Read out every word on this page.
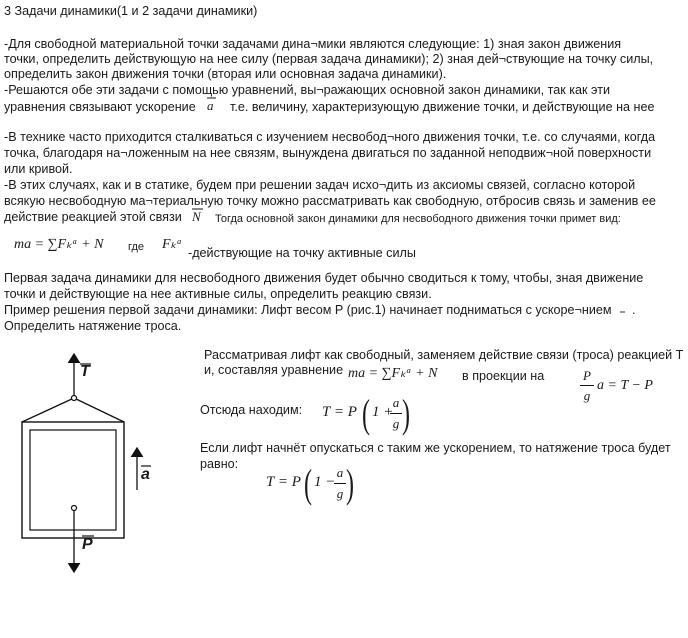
3 Задачи динамики(1 и 2 задачи динамики)
-Для свободной материальной точки задачами дина¬мики являются следующие: 1) зная закон движения
точки, определить действующую на нее силу (первая задача динамики); 2) зная дей¬ствующие на точку силы,
определить закон движения точки (вторая или основная задача динамики).
-Решаются обе эти задачи с помощью уравнений, вы¬ражающих основной закон динамики, так как эти
уравнения связывают ускорение a т.е. величину, характеризующую движение точки, и действующие на нее
-В технике часто приходится сталкиваться с изучением несвобод¬ного движения точки, т.е. со случаями, когда
точка, благодаря на¬ложенным на нее связям, вынуждена двигаться по заданной неподвиж¬ной поверхности
или кривой.
-В этих случаях, как и в статике, будем при решении задач исхо¬дить из аксиомы связей, согласно которой
всякую несвободную ма¬териальную точку можно рассматривать как свободную, отбросив связь и заменив ее
действие реакцией этой связи N Тогда основной закон динамики для несвободного движения точки примет вид:
ma = ∑Fₖᵃ + N где Fₖᵃ
-действующие на точку активные силы
Первая задача динамики для несвободного движения будет обычно сводиться к тому, чтобы, зная движение
точки и действующие на нее активные силы, определить реакцию связи.
Пример решения первой задачи динамики: Лифт весом P (рис.1) начинает подниматься с ускоре¬нием .
Определить натяжение троса.
T
a
P
Рассматривая лифт как свободный, заменяем действие связи (троса) реакцией T
и, составляя уравнение ma = ∑Fₖᵃ + N в проекции на	P
g
a = T − P
Отсюда находим: T = P ( 1 +
a
g )
Если лифт начнёт опускаться с таким же ускорением, то натяжение троса будет
равно:
T = P ( 1 −
a
g )
